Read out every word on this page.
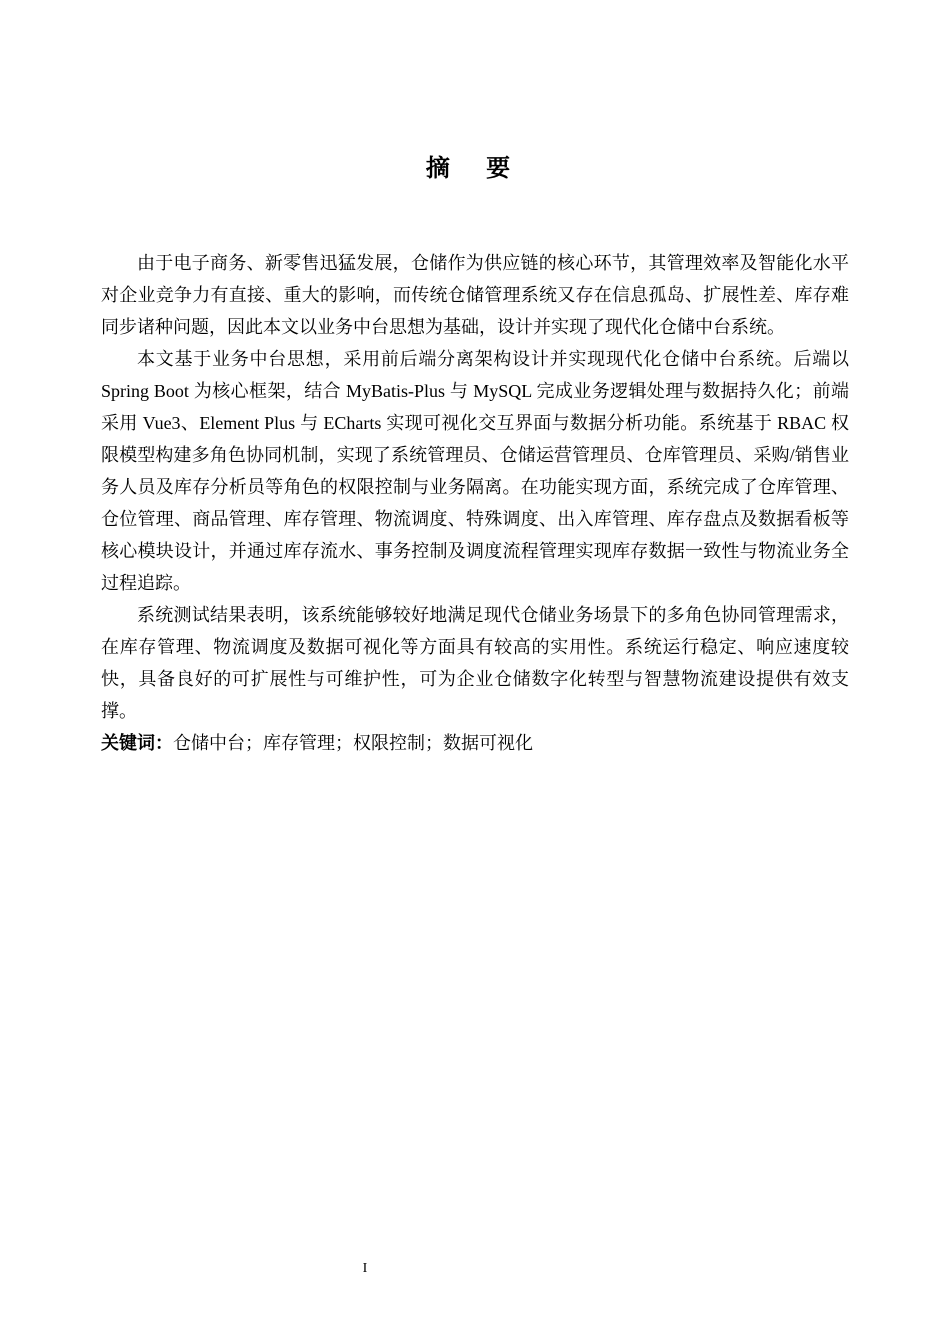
摘 要

由于电子商务、新零售迅猛发展，仓储作为供应链的核心环节，其管理效率及智能化水平对企业竞争力有直接、重大的影响，而传统仓储管理系统又存在信息孤岛、扩展性差、库存难同步诸种问题，因此本文以业务中台思想为基础，设计并实现了现代化仓储中台系统。

本文基于业务中台思想，采用前后端分离架构设计并实现现代化仓储中台系统。后端以 Spring Boot 为核心框架，结合 MyBatis-Plus 与 MySQL 完成业务逻辑处理与数据持久化；前端采用 Vue3、Element Plus 与 ECharts 实现可视化交互界面与数据分析功能。系统基于 RBAC 权限模型构建多角色协同机制，实现了系统管理员、仓储运营管理员、仓库管理员、采购/销售业务人员及库存分析员等角色的权限控制与业务隔离。在功能实现方面，系统完成了仓库管理、仓位管理、商品管理、库存管理、物流调度、特殊调度、出入库管理、库存盘点及数据看板等核心模块设计，并通过库存流水、事务控制及调度流程管理实现库存数据一致性与物流业务全过程追踪。

系统测试结果表明，该系统能够较好地满足现代仓储业务场景下的多角色协同管理需求，在库存管理、物流调度及数据可视化等方面具有较高的实用性。系统运行稳定、响应速度较快，具备良好的可扩展性与可维护性，可为企业仓储数字化转型与智慧物流建设提供有效支撑。

关键词：仓储中台；库存管理；权限控制；数据可视化

I
